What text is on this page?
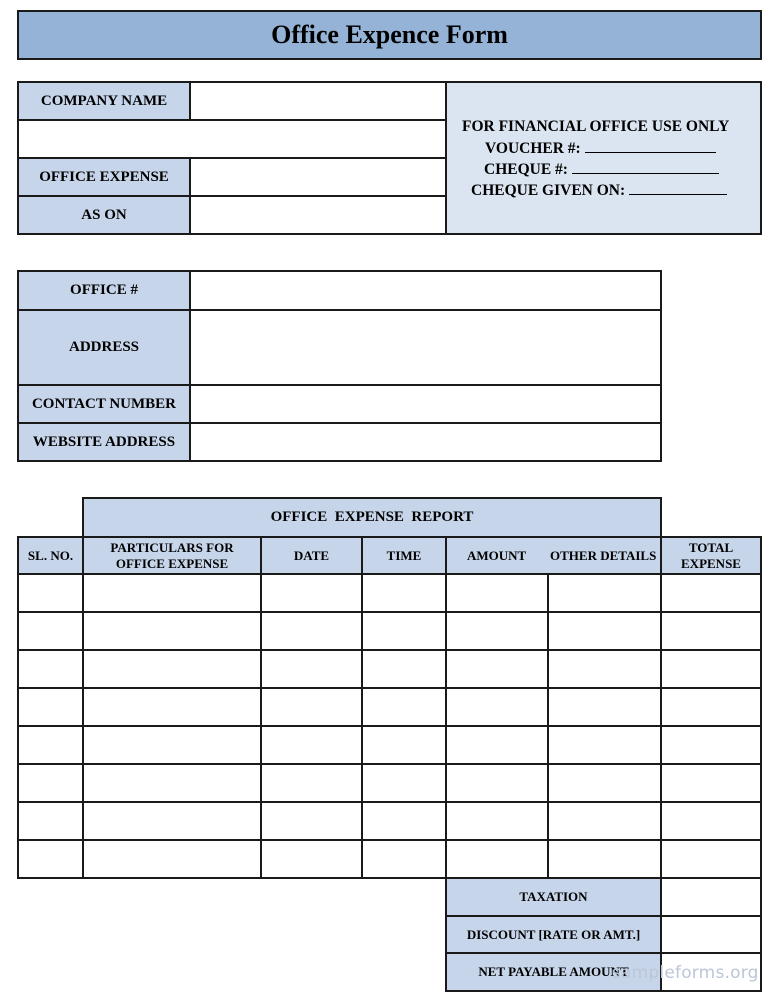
Office Expence Form
COMPANY NAME
OFFICE EXPENSE
AS ON
FOR FINANCIAL OFFICE USE ONLY
VOUCHER #:
CHEQUE #:
CHEQUE GIVEN ON:
OFFICE #
ADDRESS
CONTACT NUMBER
WEBSITE ADDRESS
OFFICE  EXPENSE  REPORT
SL. NO.
PARTICULARS FOR OFFICE EXPENSE
DATE	TIME	AMOUNT OTHER DETAILS
TOTAL EXPENSE
TAXATION
DISCOUNT [RATE OR AMT.]
NET PAYABLE AMOUNT
sampleforms.org
